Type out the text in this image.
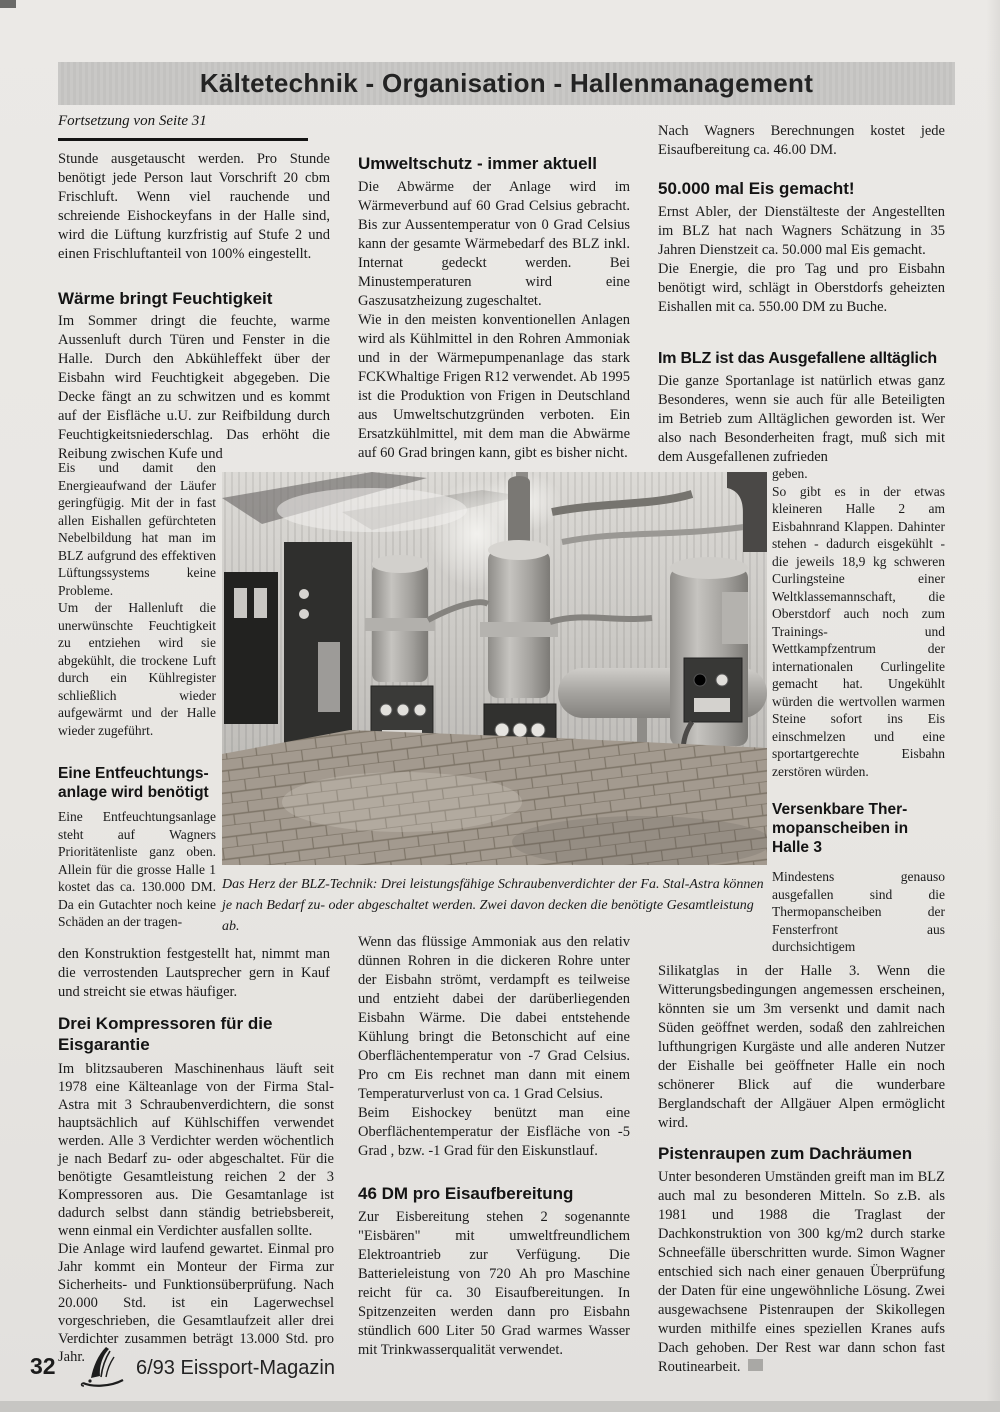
Kältetechnik - Organisation - Hallenmanagement
Fortsetzung von Seite 31
Stunde ausgetauscht werden. Pro Stunde benötigt jede Person laut Vorschrift 20 cbm Frischluft. Wenn viel rauchende und schreiende Eishockeyfans in der Halle sind, wird die Lüftung kurzfristig auf Stufe 2 und einen Frischluftanteil von 100% eingestellt.
Wärme bringt Feuchtigkeit
Im Sommer dringt die feuchte, warme Aussenluft durch Türen und Fenster in die Halle. Durch den Abkühleffekt über der Eisbahn wird Feuchtigkeit abgegeben. Die Decke fängt an zu schwitzen und es kommt auf der Eisfläche u.U. zur Reifbildung durch Feuchtigkeitsniederschlag. Das erhöht die Reibung zwischen Kufe und

Eis und damit den Energieaufwand der Läufer geringfügig. Mit der in fast allen Eishallen gefürchteten Nebelbildung hat man im BLZ aufgrund des effektiven Lüftungssystems keine Probleme.

Um der Hallenluft die unerwünschte Feuchtigkeit zu entziehen wird sie abgekühlt, die trockene Luft durch ein Kühlregister schließlich wieder aufgewärmt und der Halle wieder zugeführt.

Eine Entfeuchtungs-anlage wird benötigt
Eine Entfeuchtungsanlage steht auf Wagners Prioritätenliste ganz oben. Allein für die grosse Halle 1 kostet das ca. 130.000 DM. Da ein Gutachter noch keine Schäden an der tragen-
den Konstruktion festgestellt hat, nimmt man die verrostenden Lautsprecher gern in Kauf und streicht sie etwas häufiger.
Drei Kompressoren für die Eisgarantie

Im blitzsauberen Maschinenhaus läuft seit 1978 eine Kälteanlage von der Firma Stal-Astra mit 3 Schraubenverdichtern, die sonst hauptsächlich auf Kühlschiffen verwendet werden. Alle 3 Verdichter werden wöchentlich je nach Bedarf zu- oder abgeschaltet. Für die benötigte Gesamtleistung reichen 2 der 3 Kompressoren aus. Die Gesamtanlage ist dadurch selbst dann ständig betriebsbereit, wenn einmal ein Verdichter ausfallen sollte.

Die Anlage wird laufend gewartet. Einmal pro Jahr kommt ein Monteur der Firma zur Sicherheits- und Funktionsüberprüfung. Nach 20.000 Std. ist ein Lagerwechsel vorgeschrieben, die Gesamtlaufzeit aller drei Verdichter zusammen beträgt 13.000 Std. pro Jahr.

Umweltschutz - immer aktuell

Die Abwärme der Anlage wird im Wärmeverbund auf 60 Grad Celsius gebracht. Bis zur Aussentemperatur von 0 Grad Celsius kann der gesamte Wärmebedarf des BLZ inkl. Internat gedeckt werden. Bei Minustemperaturen wird eine Gaszusatzheizung zugeschaltet.

Wie in den meisten konventionellen Anlagen wird als Kühlmittel in den Rohren Ammoniak und in der Wärmepumpenanlage das stark FCKWhaltige Frigen R12 verwendet. Ab 1995 ist die Produktion von Frigen in Deutschland aus Umweltschutzgründen verboten. Ein Ersatzkühlmittel, mit dem man die Abwärme auf 60 Grad bringen kann, gibt es bisher nicht.

Wenn das flüssige Ammoniak aus den relativ dünnen Rohren in die dickeren Rohre unter der Eisbahn strömt, verdampft es teilweise und entzieht dabei der darüberliegenden Eisbahn Wärme. Die dabei entstehende Kühlung bringt die Betonschicht auf eine Oberflächentemperatur von -7 Grad Celsius. Pro cm Eis rechnet man dann mit einem Temperaturverlust von ca. 1 Grad Celsius.

Beim Eishockey benützt man eine Oberflächentemperatur der Eisfläche von -5 Grad , bzw. -1 Grad für den Eiskunstlauf.

46 DM pro Eisaufbereitung
Zur Eisbereitung stehen 2 sogenannte "Eisbären" mit umweltfreundlichem Elektroantrieb zur Verfügung. Die Batterieleistung von 720 Ah pro Maschine reicht für ca. 30 Eisaufbereitungen. In Spitzenzeiten werden dann pro Eisbahn stündlich 600 Liter 50 Grad warmes Wasser mit Trinkwasserqualität verwendet.
Nach Wagners Berechnungen kostet jede Eisaufbereitung ca. 46.00 DM.
50.000 mal Eis gemacht!

Ernst Abler, der Dienstälteste der Angestellten im BLZ hat nach Wagners Schätzung in 35 Jahren Dienstzeit ca. 50.000 mal Eis gemacht.

Die Energie, die pro Tag und pro Eisbahn benötigt wird, schlägt in Oberstdorfs geheizten Eishallen mit ca. 550.00 DM zu Buche.

Im BLZ ist das Ausgefallene alltäglich
Die ganze Sportanlage ist natürlich etwas ganz Besonderes, wenn sie auch für alle Beteiligten im Betrieb zum Alltäglichen geworden ist. Wer also nach Besonderheiten fragt, muß sich mit dem Ausgefallenen zufrieden

geben.

So gibt es in der etwas kleineren Halle 2 am Eisbahnrand Klappen. Dahinter stehen - dadurch eisgekühlt - die jeweils 18,9 kg schweren Curlingsteine einer Weltklassemannschaft, die Oberstdorf auch noch zum Trainings- und Wettkampfzentrum der internationalen Curlingelite gemacht hat. Ungekühlt würden die wertvollen warmen Steine sofort ins Eis einschmelzen und eine sportartgerechte Eisbahn zerstören würden.

Versenkbare Ther-mopanscheiben in Halle 3
Mindestens genauso ausgefallen sind die Thermopanscheiben der Fensterfront aus durchsichtigem
Silikatglas in der Halle 3. Wenn die Witterungsbedingungen angemessen erscheinen, könnten sie um 3m versenkt und damit nach Süden geöffnet werden, sodaß den zahlreichen lufthungrigen Kurgäste und alle anderen Nutzer der Eishalle bei geöffneter Halle ein noch schönerer Blick auf die wunderbare Berglandschaft der Allgäuer Alpen ermöglicht wird.
Pistenraupen zum Dachräumen
Unter besonderen Umständen greift man im BLZ auch mal zu besonderen Mitteln. So z.B. als 1981 und 1988 die Traglast der Dachkonstruktion von 300 kg/m2 durch starke Schneefälle überschritten wurde. Simon Wagner entschied sich nach einer genauen Überprüfung der Daten für eine ungewöhnliche Lösung. Zwei ausgewachsene Pistenraupen der Skikollegen wurden mithilfe eines speziellen Kranes aufs Dach gehoben. Der Rest war dann schon fast Routinearbeit.
Das Herz der BLZ-Technik: Drei leistungsfähige Schraubenverdichter der Fa. Stal-Astra können je nach Bedarf zu- oder abgeschaltet werden. Zwei davon decken die benötigte Gesamtleistung ab.
32	6/93 Eissport-Magazin
